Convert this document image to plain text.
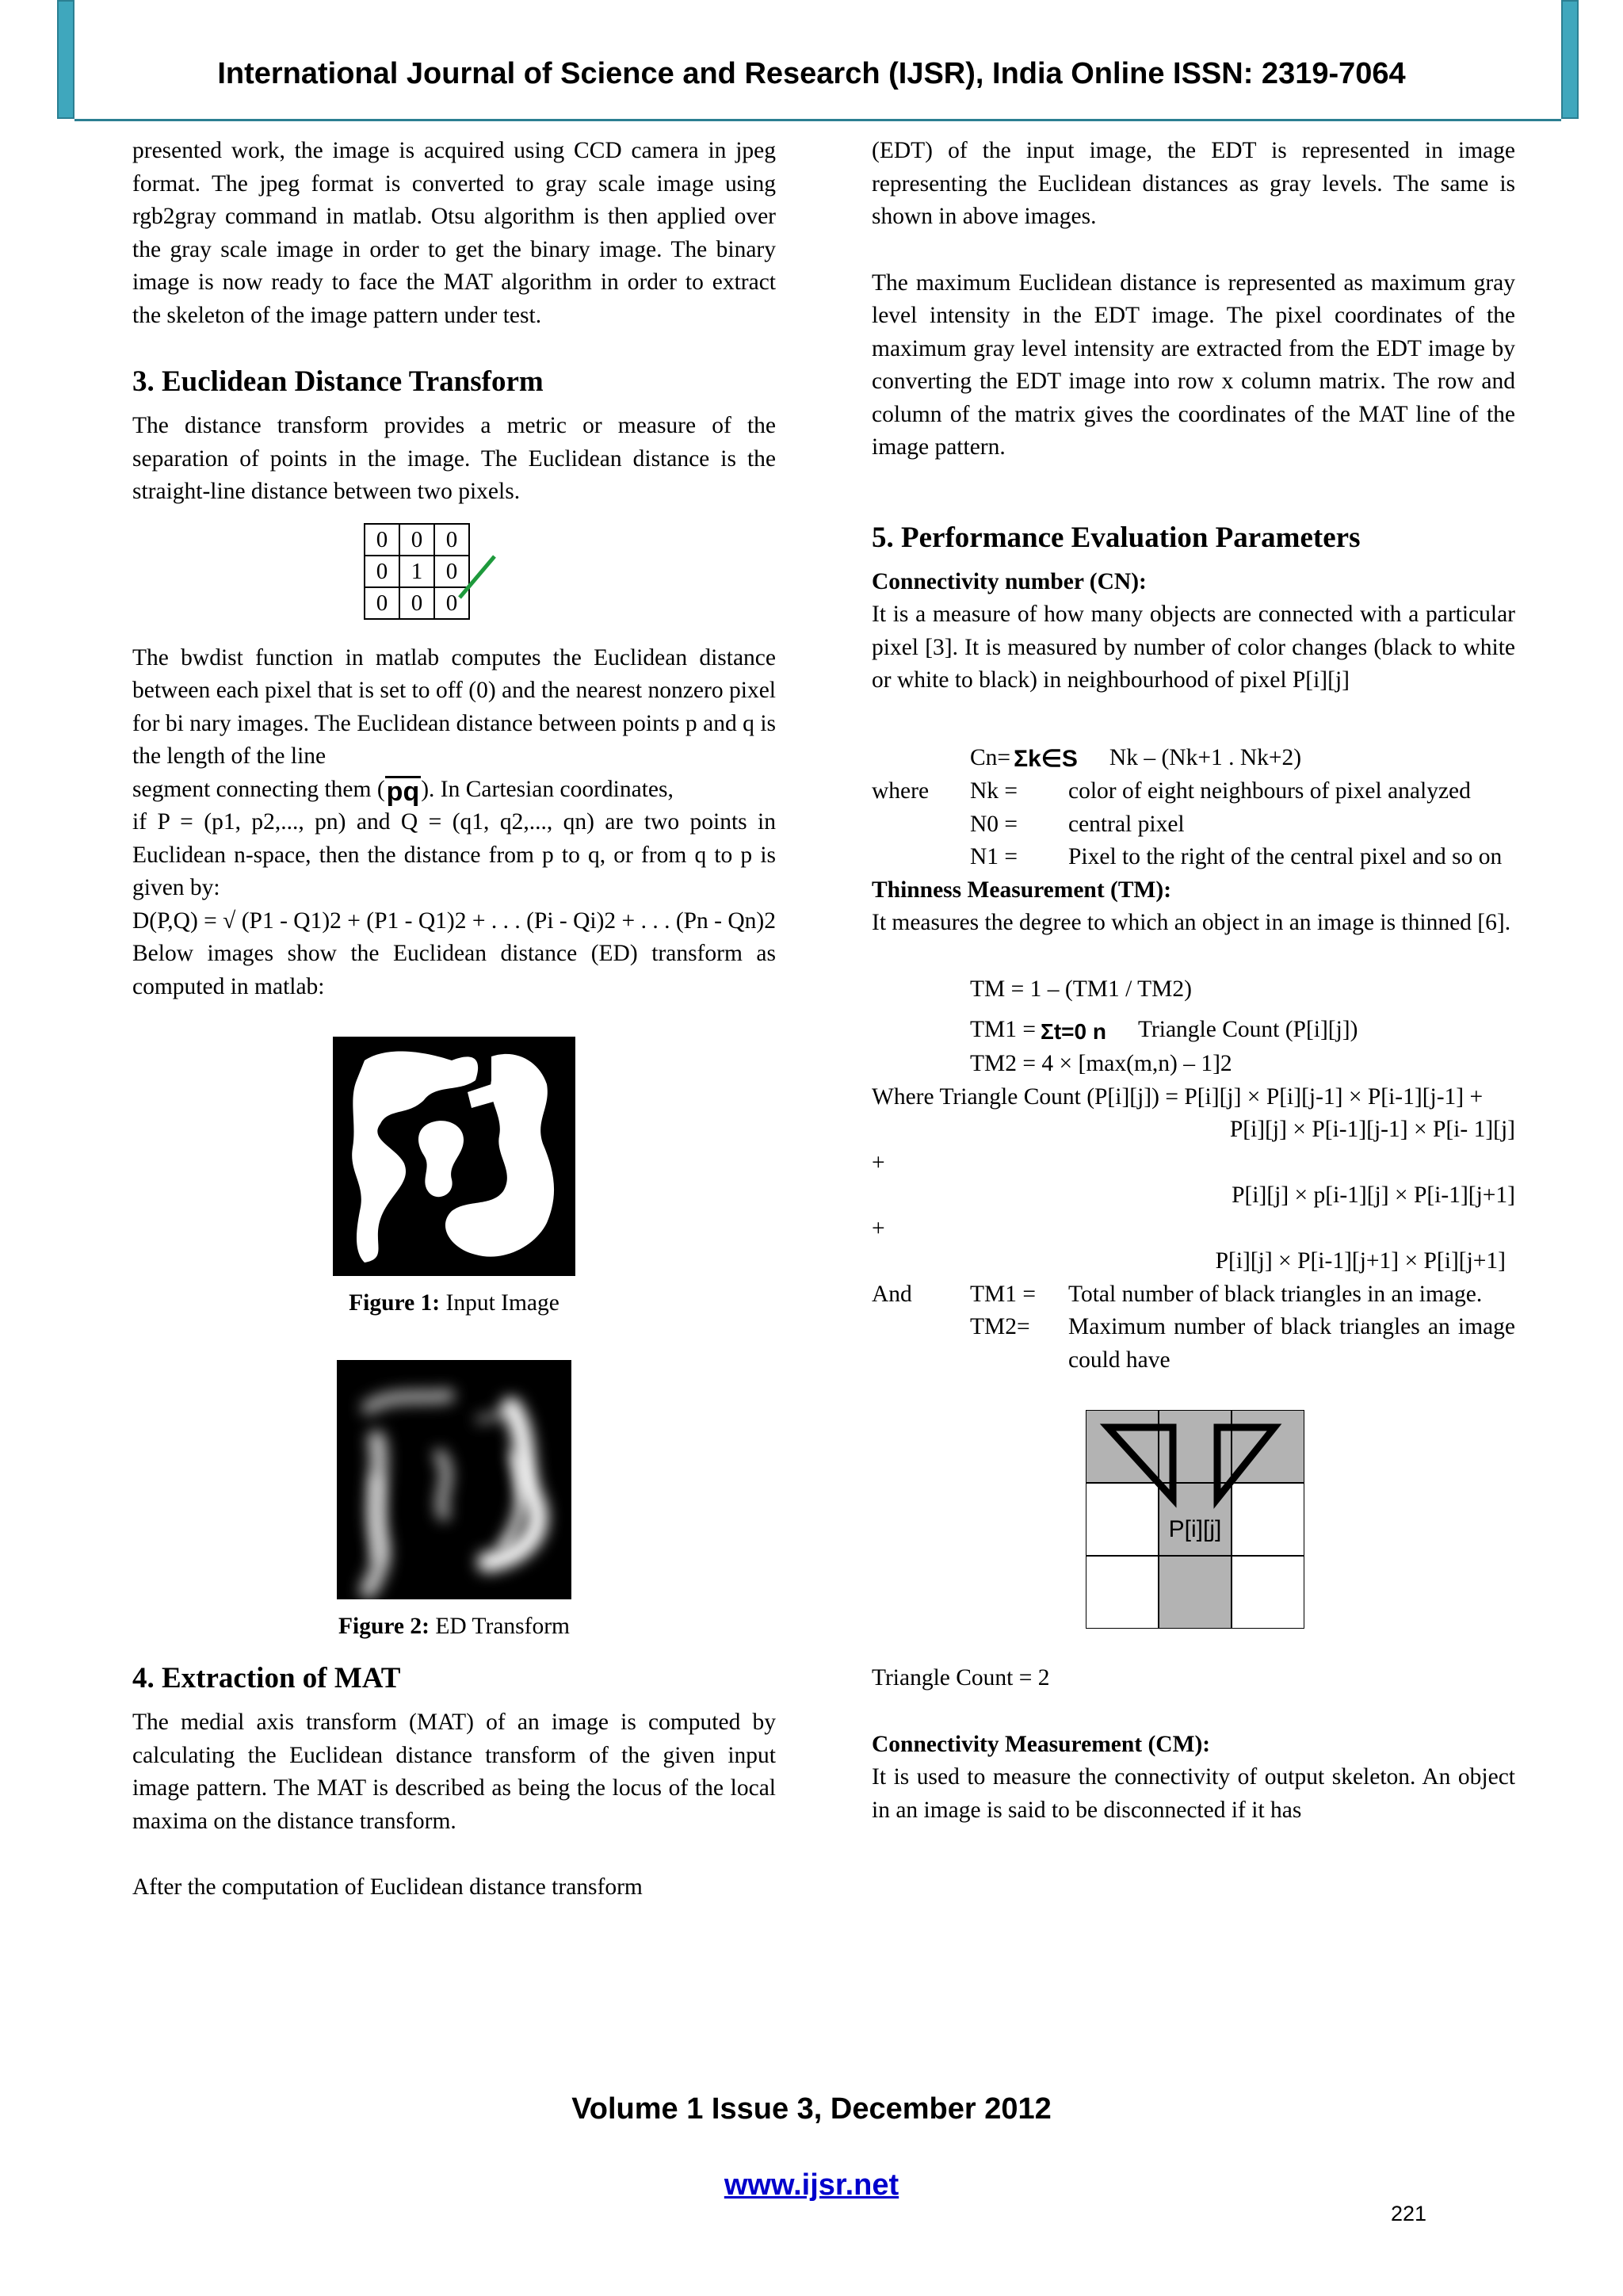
International Journal of Science and Research (IJSR), India Online ISSN: 2319-7064

presented work, the image is acquired using CCD camera in jpeg format. The jpeg format is converted to gray scale image using rgb2gray command in matlab. Otsu algorithm is then applied over the gray scale image in order to get the binary image. The binary image is now ready to face the MAT algorithm in order to extract the skeleton of the image pattern under test.

3. Euclidean Distance Transform

The distance transform provides a metric or measure of the separation of points in the image. The Euclidean distance is the straight-line distance between two pixels.

0	0	0
0	1	0
0	0	0

The bwdist function in matlab computes the Euclidean distance between each pixel that is set to off (0) and the nearest nonzero pixel for bi nary images. The Euclidean distance between points p and q is the length of the line

segment connecting them (pq). In Cartesian coordinates,

if P = (p1, p2,..., pn) and Q = (q1, q2,..., qn) are two points in Euclidean n-space, then the distance from p to q, or from q to p is given by:

D(P,Q) = √ (P1 - Q1)2 + (P1 - Q1)2 + . . . (Pi - Qi)2 + . . . (Pn - Qn)2

Below images show the Euclidean distance (ED) transform as computed in matlab:

Figure 1: Input Image
Figure 2: ED Transform
4. Extraction of MAT

The medial axis transform (MAT) of an image is computed by calculating the Euclidean distance transform of the given input image pattern. The MAT is described as being the locus of the local maxima on the distance transform.

After the computation of Euclidean distance transform

(EDT) of the input image, the EDT is represented in image representing the Euclidean distances as gray levels. The same is shown in above images.

The maximum Euclidean distance is represented as maximum gray level intensity in the EDT image. The pixel coordinates of the maximum gray level intensity are extracted from the EDT image by converting the EDT image into row x column matrix. The row and column of the matrix gives the coordinates of the MAT line of the image pattern.

5. Performance Evaluation Parameters
Connectivity number (CN):

It is a measure of how many objects are connected with a particular pixel [3]. It is measured by number of color changes (black to white or white to black) in neighbourhood of pixel P[i][j]

Cn= Σk∈S Nk – (Nk+1 . Nk+2)
where	Nk =	color of eight neighbours of pixel analyzed
N0 =	central pixel
N1 =	Pixel to the right of the central pixel and so on
Thinness Measurement (TM):

It measures the degree to which an object in an image is thinned [6].

TM = 1 – (TM1 / TM2)
TM1 = Σt=0 n Triangle Count (P[i][j])
TM2 = 4 × [max(m,n) – 1]2

Where Triangle Count (P[i][j]) = P[i][j] × P[i][j-1] × P[i-1][j-1] +

P[i][j] × P[i-1][j-1] × P[i- 1][j]

+

P[i][j] × p[i-1][j] × P[i-1][j+1]

+

P[i][j] × P[i-1][j+1] × P[i][j+1]

And	TM1 =	Total number of black triangles in an image.
TM2=	Maximum number of black triangles an image could have
P[i][j]

Triangle Count = 2

Connectivity Measurement (CM):

It is used to measure the connectivity of output skeleton. An object in an image is said to be disconnected if it has

Volume 1 Issue 3, December 2012
www.ijsr.net
221
